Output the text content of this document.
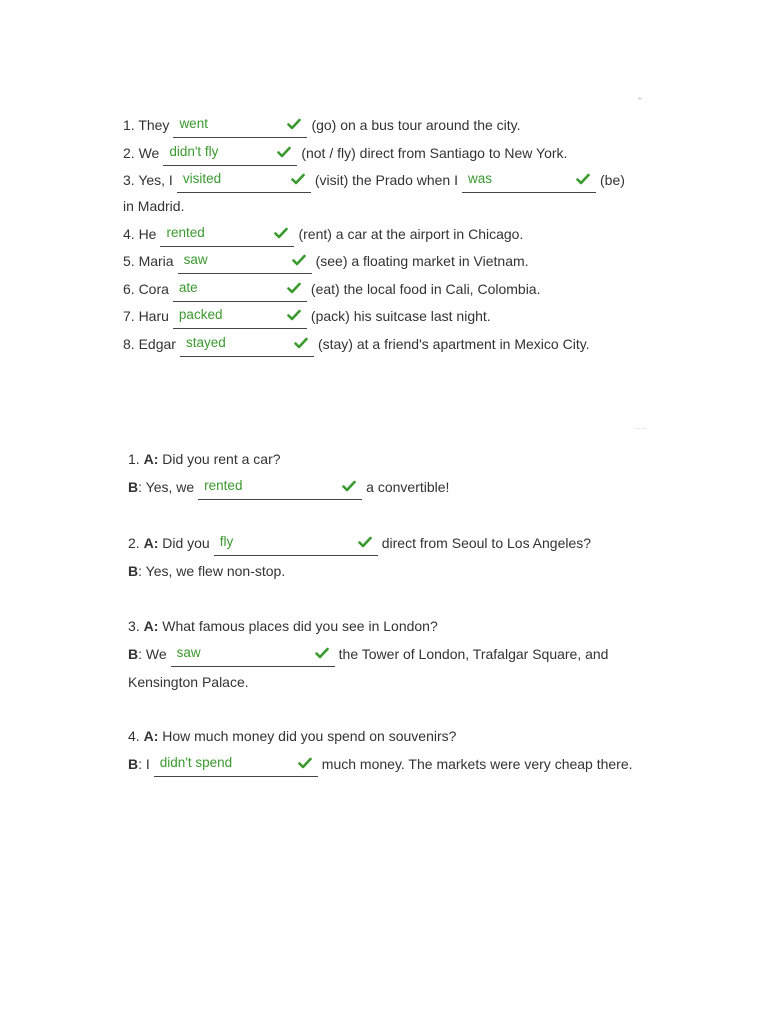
⌃
1. They went	(go) on a bus tour around the city.
2. We didn't fly	(not / fly) direct from Santiago to New York.
3. Yes, I visited	(visit) the Prado when I was	(be)
in Madrid.
4. He rented	(rent) a car at the airport in Chicago.
5. Maria saw	(see) a floating market in Vietnam.
6. Cora ate	(eat) the local food in Cali, Colombia.
7. Haru packed	(pack) his suitcase last night.
8. Edgar stayed	(stay) at a friend's apartment in Mexico City.
1.
A:
Did you rent a car?
B : Yes, we rented	a convertible!
2.
A:
Did you fly	direct from Seoul to Los Angeles?
B : Yes, we flew non-stop.
3.
A:
What famous places did you see in London?
B : We saw	the Tower of London, Trafalgar Square, and
Kensington Palace.
4.
A:
How much money did you spend on souvenirs?
B : I didn't spend	much money. The markets were very cheap there.
